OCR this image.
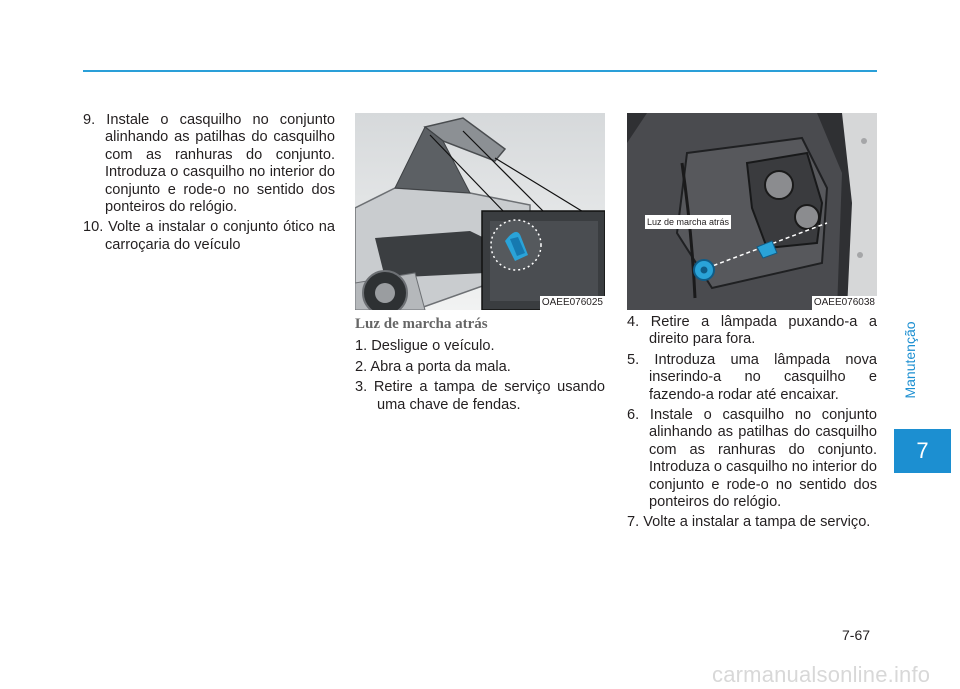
Manutenção
7

9. Instale o casquilho no conjunto alinhando as patilhas do casquilho com as ranhuras do conjunto. Introduza o casquilho no interior do conjunto e rode-o no sentido dos ponteiros do relógio.

10. Volte a instalar o conjunto ótico na carroçaria do veículo

OAEE076025
Luz de marcha atrás
OAEE076038

Luz de marcha atrás

1. Desligue o veículo.

2. Abra a porta da mala.

3. Retire a tampa de serviço usando uma chave de fendas.

4. Retire a lâmpada puxando-a a direito para fora.

5. Introduza uma lâmpada nova inserindo-a no casquilho e fazendo-a rodar até encaixar.

6. Instale o casquilho no conjunto alinhando as patilhas do casquilho com as ranhuras do conjunto. Introduza o casquilho no interior do conjunto e rode-o no sentido dos ponteiros do relógio.

7. Volte a instalar a tampa de serviço.

7-67
carmanualsonline.info
